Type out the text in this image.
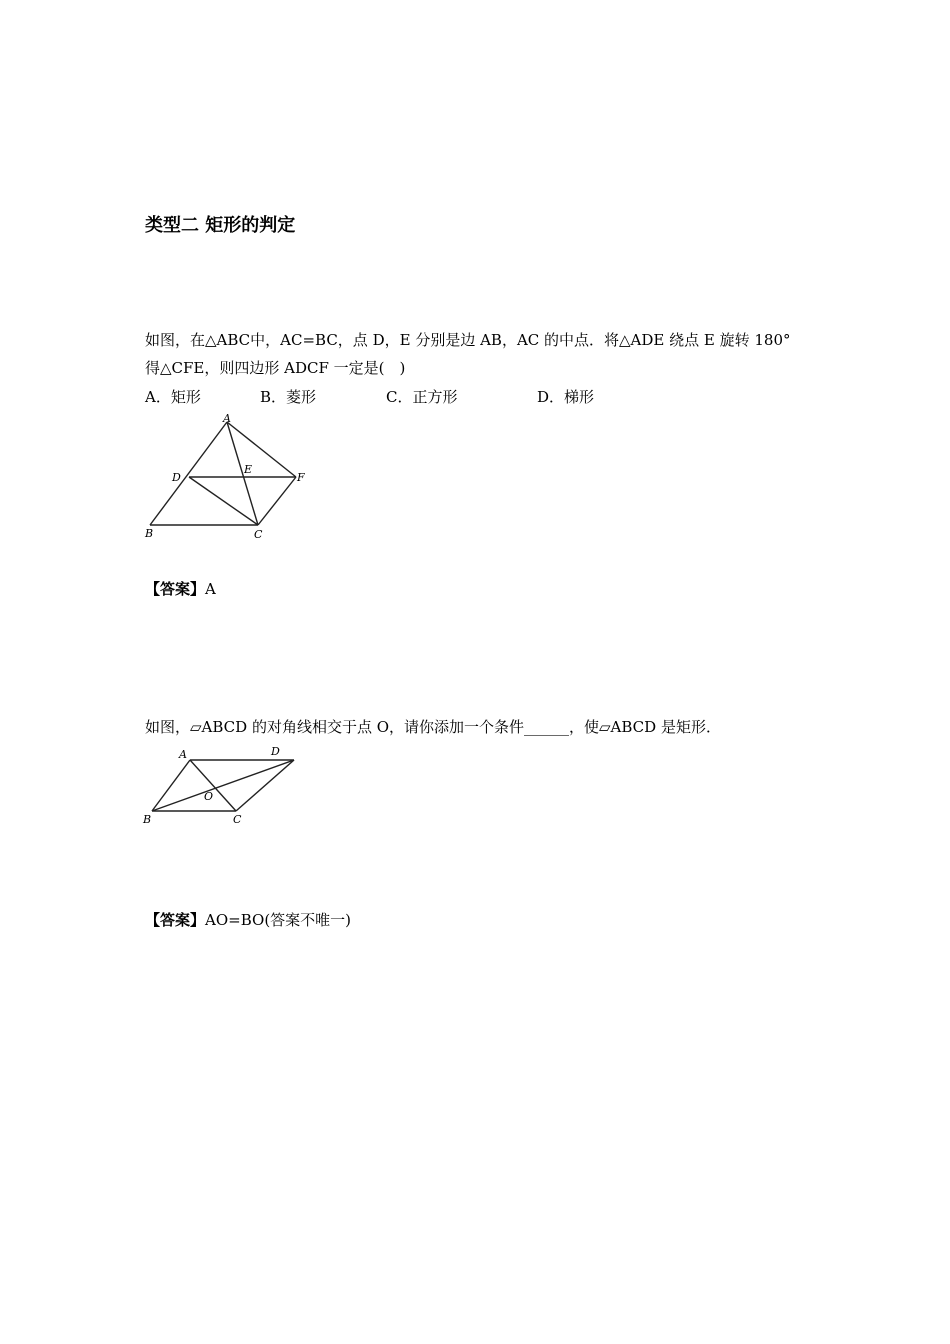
类型二 矩形的判定
如图，在△ABC中，AC=BC，点 D，E 分别是边 AB，AC 的中点．将△ADE 绕点 E 旋转 180°
得△CFE，则四边形 ADCF 一定是(　)
A．矩形	B．菱形	C．正方形	D．梯形
A
D
E
F
B	C
【答案】A
如图，▱ABCD 的对角线相交于点 O，请你添加一个条件______，使▱ABCD 是矩形．
A	D
O
B	C
【答案】AO=BO(答案不唯一)
